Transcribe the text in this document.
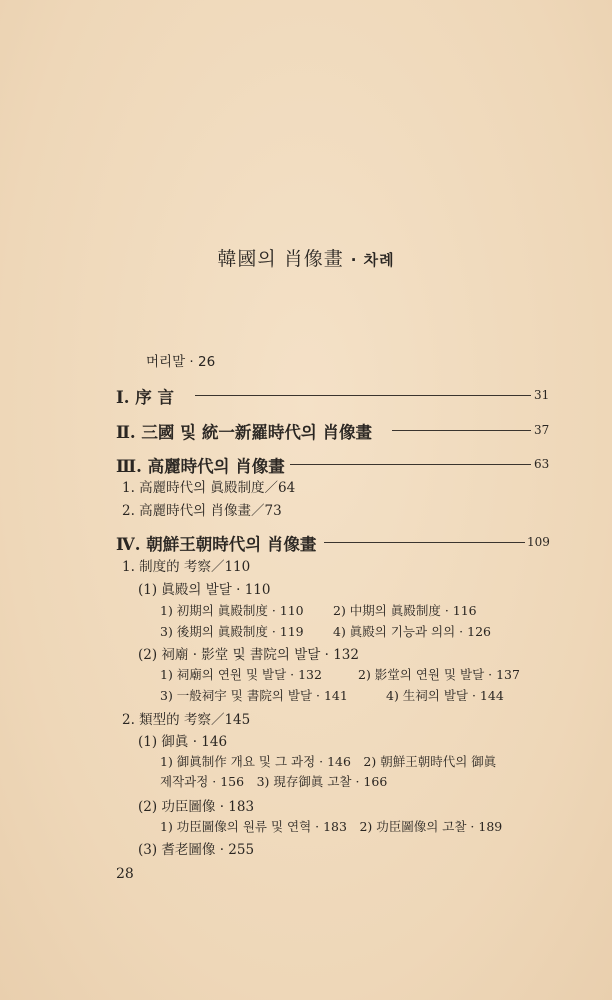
韓國의 肖像畫 · 차례
머리말 · 26
Ⅰ. 序 言	31
Ⅱ. 三國 및 統一新羅時代의 肖像畫	37
Ⅲ. 高麗時代의 肖像畫	63
1. 高麗時代의 眞殿制度／64
2. 高麗時代의 肖像畫／73
Ⅳ. 朝鮮王朝時代의 肖像畫	109
1. 制度的 考察／110
(1) 眞殿의 발달 · 110
1) 初期의 眞殿制度 · 110 2) 中期의 眞殿制度 · 116
3) 後期의 眞殿制度 · 119 4) 眞殿의 기능과 의의 · 126
(2) 祠廟 · 影堂 및 書院의 발달 · 132
1) 祠廟의 연원 및 발달 · 132	2) 影堂의 연원 및 발달 · 137
3) 一般祠宇 및 書院의 발달 · 141	4) 生祠의 발달 · 144
2. 類型的 考察／145
(1) 御眞 · 146
1) 御眞制作 개요 및 그 과정 · 146　2) 朝鮮王朝時代의 御眞
제작과정 · 156　3) 現存御眞 고찰 · 166
(2) 功臣圖像 · 183
1) 功臣圖像의 원류 및 연혁 · 183　2) 功臣圖像의 고찰 · 189
(3) 耆老圖像 · 255
28
